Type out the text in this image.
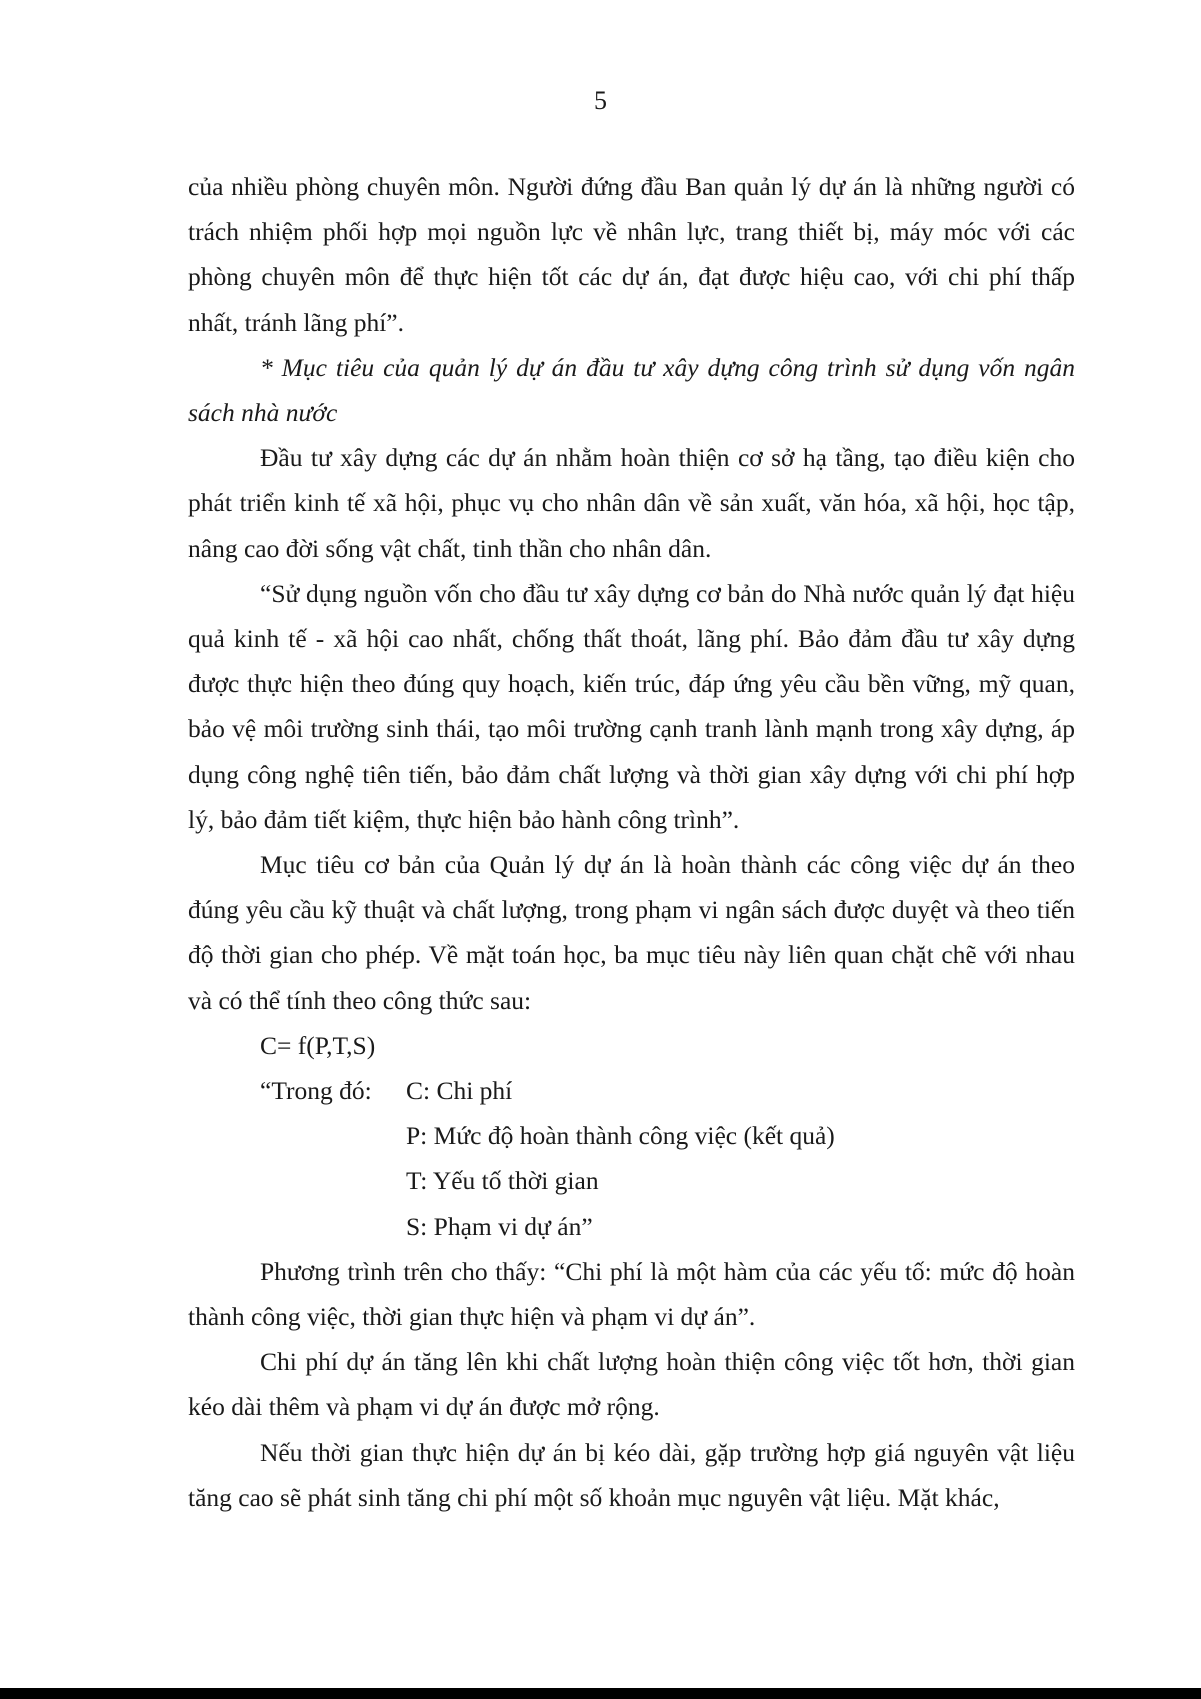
5

của nhiều phòng chuyên môn. Người đứng đầu Ban quản lý dự án là những người có trách nhiệm phối hợp mọi nguồn lực về nhân lực, trang thiết bị, máy móc với các phòng chuyên môn để thực hiện tốt các dự án, đạt được hiệu cao, với chi phí thấp nhất, tránh lãng phí”.

* Mục tiêu của quản lý dự án đầu tư xây dựng công trình sử dụng vốn ngân sách nhà nước

Đầu tư xây dựng các dự án nhằm hoàn thiện cơ sở hạ tầng, tạo điều kiện cho phát triển kinh tế xã hội, phục vụ cho nhân dân về sản xuất, văn hóa, xã hội, học tập, nâng cao đời sống vật chất, tinh thần cho nhân dân.

“Sử dụng nguồn vốn cho đầu tư xây dựng cơ bản do Nhà nước quản lý đạt hiệu quả kinh tế - xã hội cao nhất, chống thất thoát, lãng phí. Bảo đảm đầu tư xây dựng được thực hiện theo đúng quy hoạch, kiến trúc, đáp ứng yêu cầu bền vững, mỹ quan, bảo vệ môi trường sinh thái, tạo môi trường cạnh tranh lành mạnh trong xây dựng, áp dụng công nghệ tiên tiến, bảo đảm chất lượng và thời gian xây dựng với chi phí hợp lý, bảo đảm tiết kiệm, thực hiện bảo hành công trình”.

Mục tiêu cơ bản của Quản lý dự án là hoàn thành các công việc dự án theo đúng yêu cầu kỹ thuật và chất lượng, trong phạm vi ngân sách được duyệt và theo tiến độ thời gian cho phép. Về mặt toán học, ba mục tiêu này liên quan chặt chẽ với nhau và có thể tính theo công thức sau:

C= f(P,T,S)

“Trong đó:	C: Chi phí
P: Mức độ hoàn thành công việc (kết quả)
T: Yếu tố thời gian
S: Phạm vi dự án”

Phương trình trên cho thấy: “Chi phí là một hàm của các yếu tố: mức độ hoàn thành công việc, thời gian thực hiện và phạm vi dự án”.

Chi phí dự án tăng lên khi chất lượng hoàn thiện công việc tốt hơn, thời gian kéo dài thêm và phạm vi dự án được mở rộng.

Nếu thời gian thực hiện dự án bị kéo dài, gặp trường hợp giá nguyên vật liệu tăng cao sẽ phát sinh tăng chi phí một số khoản mục nguyên vật liệu. Mặt khác,
